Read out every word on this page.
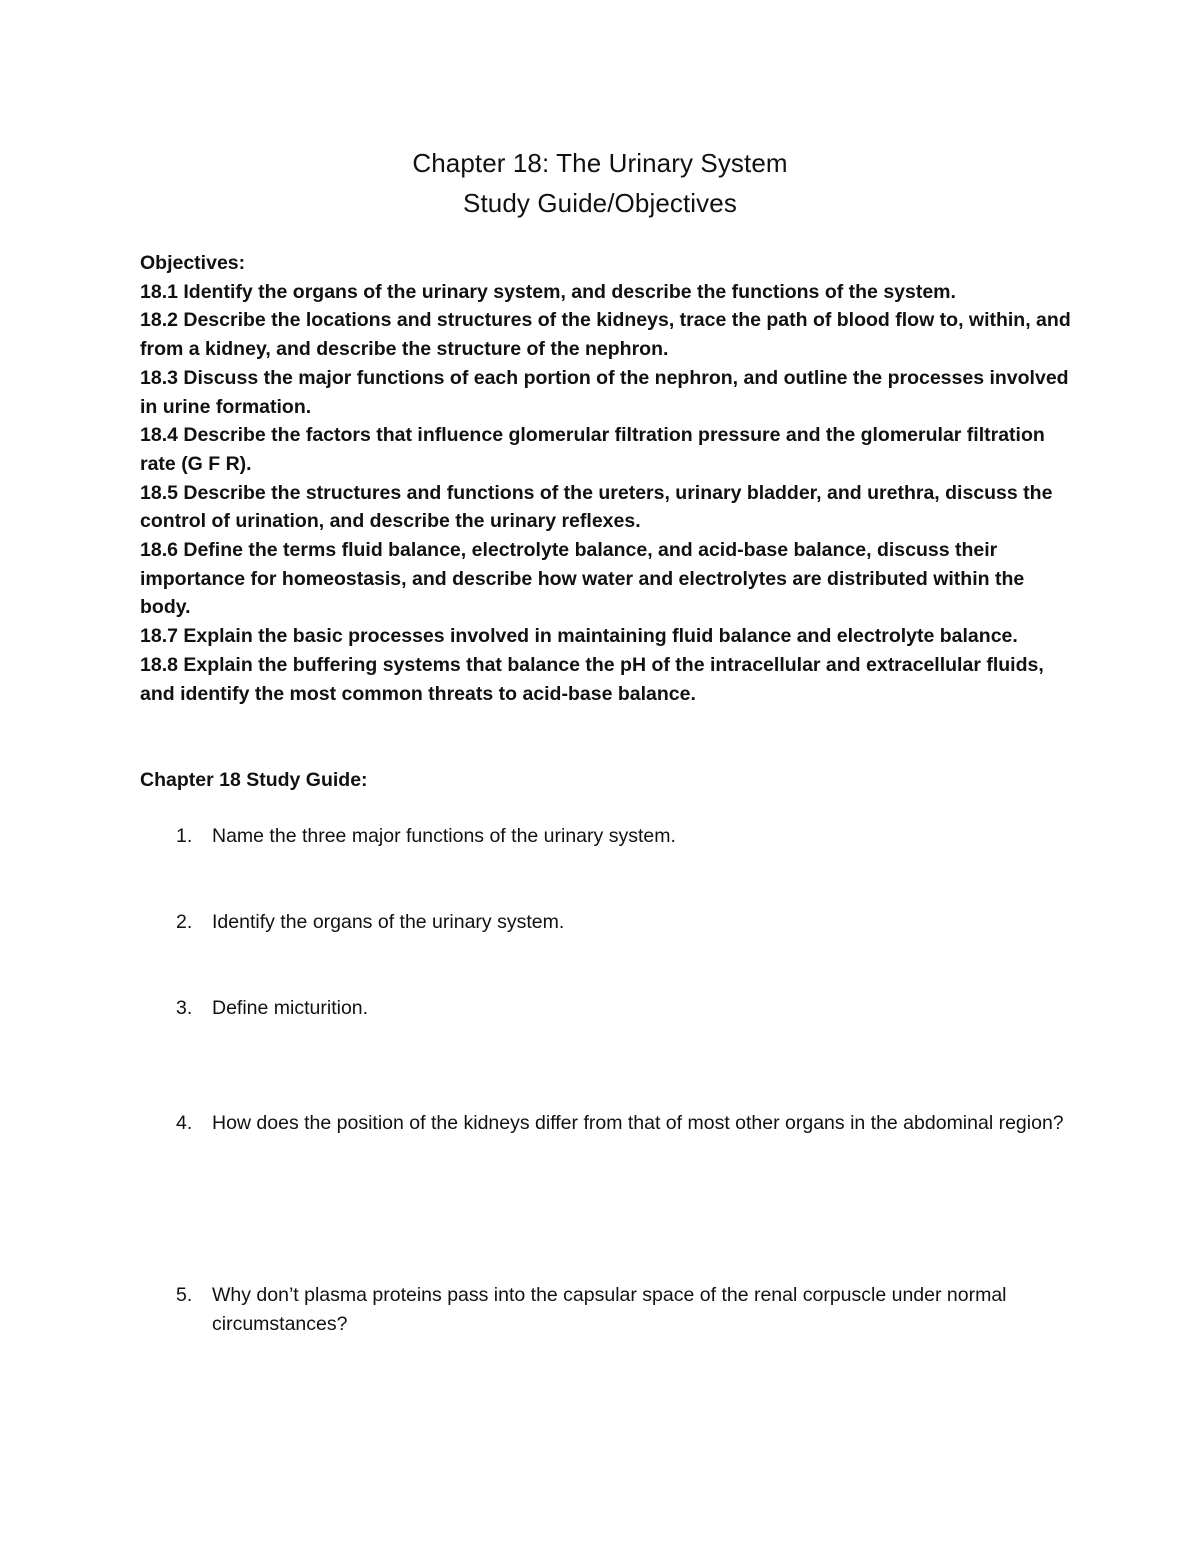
Chapter 18: The Urinary System
Study Guide/Objectives
Objectives:
18.1 Identify the organs of the urinary system, and describe the functions of the system.
18.2 Describe the locations and structures of the kidneys, trace the path of blood flow to, within, and from a kidney, and describe the structure of the nephron.
18.3 Discuss the major functions of each portion of the nephron, and outline the processes involved in urine formation.
18.4 Describe the factors that influence glomerular filtration pressure and the glomerular filtration rate (G F R).
18.5 Describe the structures and functions of the ureters, urinary bladder, and urethra, discuss the control of urination, and describe the urinary reflexes.
18.6 Define the terms fluid balance, electrolyte balance, and acid-base balance, discuss their importance for homeostasis, and describe how water and electrolytes are distributed within the body.
18.7 Explain the basic processes involved in maintaining fluid balance and electrolyte balance.
18.8 Explain the buffering systems that balance the pH of the intracellular and extracellular fluids, and identify the most common threats to acid-base balance.
Chapter 18 Study Guide:
1.	Name the three major functions of the urinary system.
2.	Identify the organs of the urinary system.
3.	Define micturition.
4.	How does the position of the kidneys differ from that of most other organs in the abdominal region?
5.	Why don’t plasma proteins pass into the capsular space of the renal corpuscle under normal circumstances?
